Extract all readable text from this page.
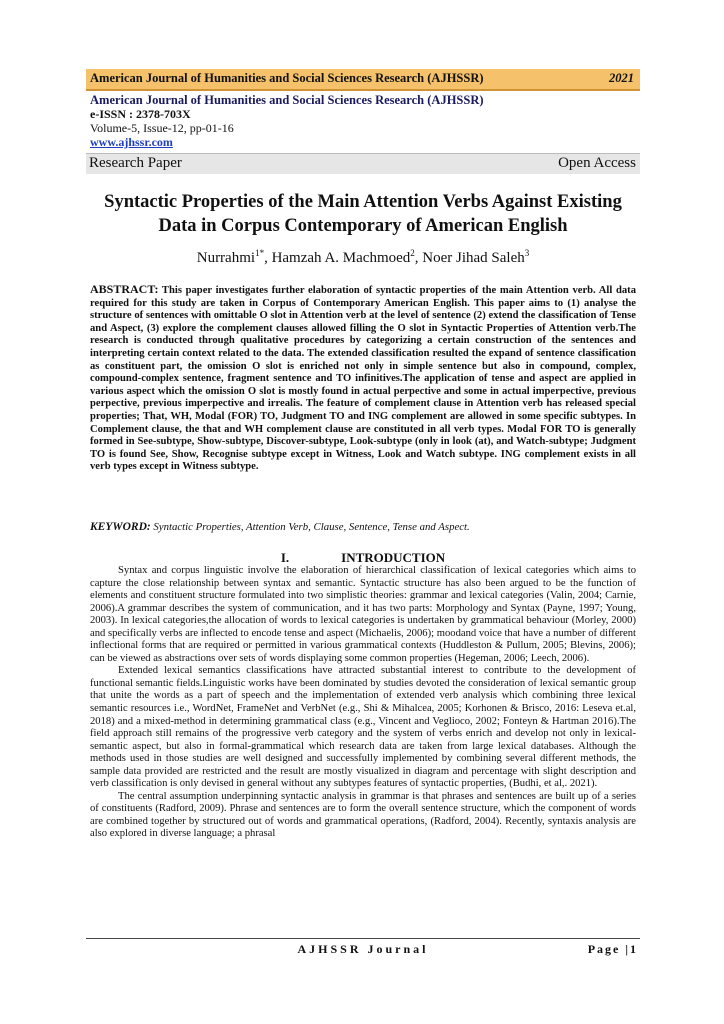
American Journal of Humanities and Social Sciences Research (AJHSSR)	2021
American Journal of Humanities and Social Sciences Research (AJHSSR)
e-ISSN : 2378-703X
Volume-5, Issue-12, pp-01-16
www.ajhssr.com
Research Paper	Open Access
Syntactic Properties of the Main Attention Verbs Against Existing Data in Corpus Contemporary of American English
Nurrahmi$^{1*}$, Hamzah A. Machmoed$^2$, Noer Jihad Saleh$^3$
ABSTRACT: This paper investigates further elaboration of syntactic properties of the main Attention verb. All data required for this study are taken in Corpus of Contemporary American English. This paper aims to (1) analyse the structure of sentences with omittable O slot in Attention verb at the level of sentence (2) extend the classification of Tense and Aspect, (3) explore the complement clauses allowed filling the O slot in Syntactic Properties of Attention verb.The research is conducted through qualitative procedures by categorizing a certain construction of the sentences and interpreting certain context related to the data. The extended classification resulted the expand of sentence classification as constituent part, the omission O slot is enriched not only in simple sentence but also in compound, complex, compound-complex sentence, fragment sentence and TO infinitives.The application of tense and aspect are applied in various aspect which the omission O slot is mostly found in actual perpective and some in actual imperpective, previous perpective, previous imperpective and irrealis. The feature of complement clause in Attention verb has released special properties; That, WH, Modal (FOR) TO, Judgment TO and ING complement are allowed in some specific subtypes. In Complement clause, the that and WH complement clause are constituted in all verb types. Modal FOR TO is generally formed in See-subtype, Show-subtype, Discover-subtype, Look-subtype (only in look (at), and Watch-subtype; Judgment TO is found See, Show, Recognise subtype except in Witness, Look and Watch subtype. ING complement exists in all verb types except in Witness subtype.
KEYWORD: Syntactic Properties, Attention Verb, Clause, Sentence, Tense and Aspect.
I.	INTRODUCTION

Syntax and corpus linguistic involve the elaboration of hierarchical classification of lexical categories which aims to capture the close relationship between syntax and semantic. Syntactic structure has also been argued to be the function of elements and constituent structure formulated into two simplistic theories: grammar and lexical categories (Valin, 2004; Carnie, 2006).A grammar describes the system of communication, and it has two parts: Morphology and Syntax (Payne, 1997; Young, 2003). In lexical categories,the allocation of words to lexical categories is undertaken by grammatical behaviour (Morley, 2000) and specifically verbs are inflected to encode tense and aspect (Michaelis, 2006); moodand voice that have a number of different inflectional forms that are required or permitted in various grammatical contexts (Huddleston & Pullum, 2005; Blevins, 2006); can be viewed as abstractions over sets of words displaying some common properties (Hegeman, 2006; Leech, 2006).

Extended lexical semantics classifications have attracted substantial interest to contribute to the development of functional semantic fields.Linguistic works have been dominated by studies devoted the consideration of lexical semantic group that unite the words as a part of speech and the implementation of extended verb analysis which combining three lexical semantic resources i.e., WordNet, FrameNet and VerbNet (e.g., Shi & Mihalcea, 2005; Korhonen & Brisco, 2016: Leseva et.al, 2018) and a mixed-method in determining grammatical class (e.g., Vincent and Veglioco, 2002; Fonteyn & Hartman 2016).The field approach still remains of the progressive verb category and the system of verbs enrich and develop not only in lexical-semantic aspect, but also in formal-grammatical which research data are taken from large lexical databases. Although the methods used in those studies are well designed and successfully implemented by combining several different methods, the sample data provided are restricted and the result are mostly visualized in diagram and percentage with slight description and verb classification is only devised in general without any subtypes features of syntactic properties, (Budhi, et al,. 2021).

The central assumption underpinning syntactic analysis in grammar is that phrases and sentences are built up of a series of constituents (Radford, 2009). Phrase and sentences are to form the overall sentence structure, which the component of words are combined together by structured out of words and grammatical operations, (Radford, 2004). Recently, syntaxis analysis are also explored in diverse language; a phrasal

AJHSSR Journal	Page |1
